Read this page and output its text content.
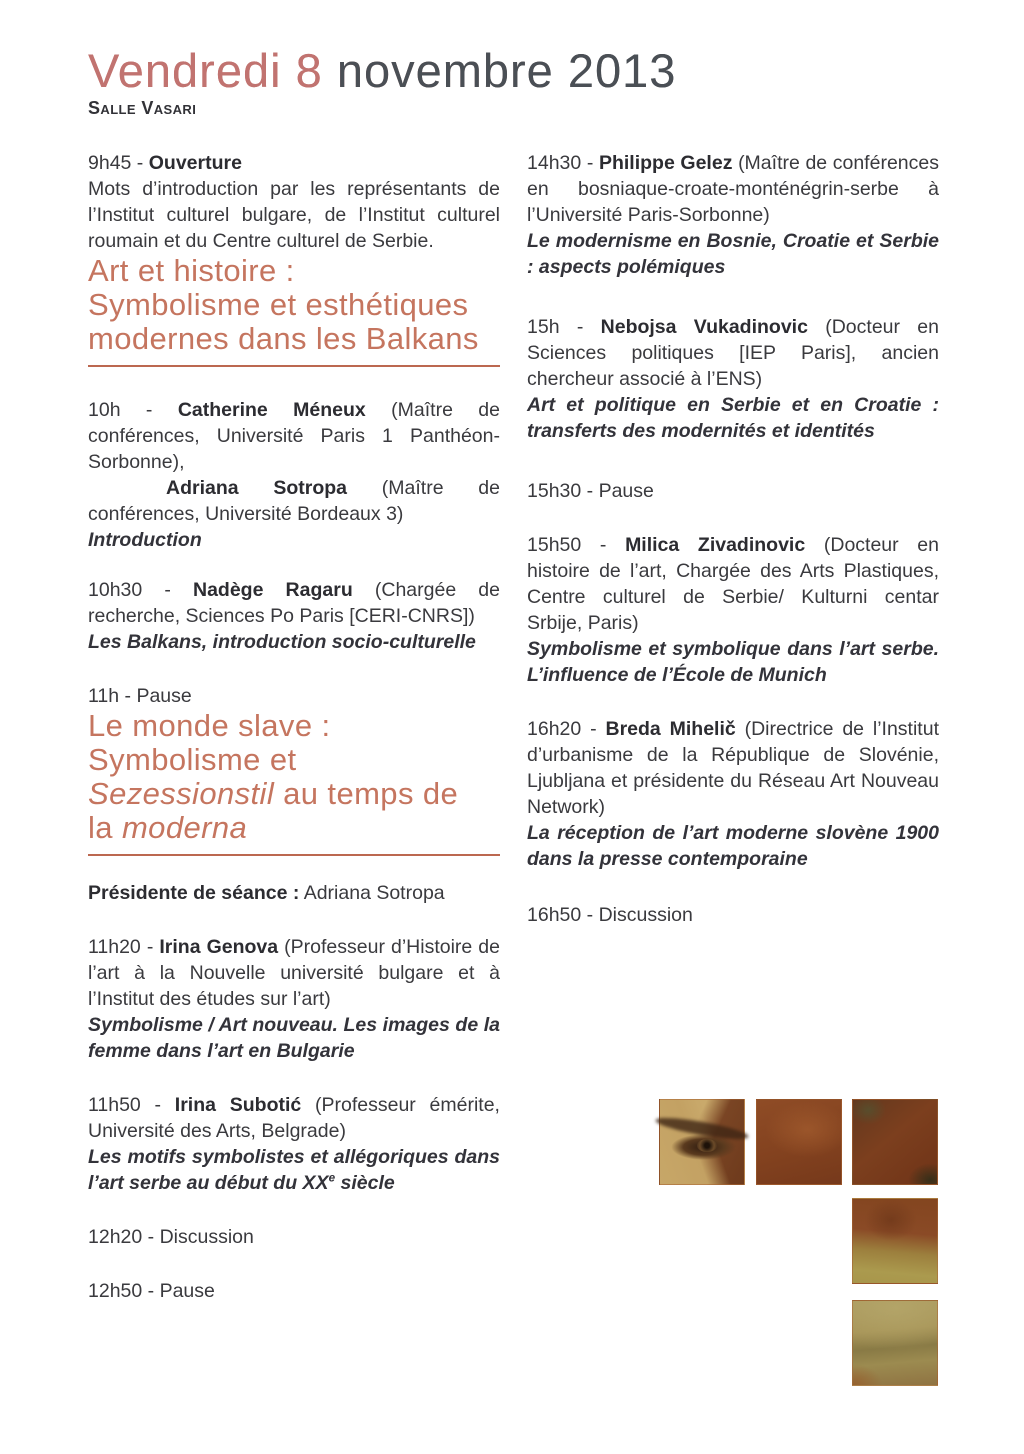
Vendredi 8 novembre 2013
Salle Vasari

9h45 - Ouverture

Mots d’introduction par les représentants de l’Institut culturel bulgare, de l’Institut culturel roumain et du Centre culturel de Serbie.

Art et histoire :
Symbolisme et esthétiques
modernes dans les Balkans

10h - Catherine Méneux (Maître de conférences, Université Paris 1 Panthéon-Sorbonne),

Adriana Sotropa (Maître de conférences, Université Bordeaux 3)

Introduction

10h30 - Nadège Ragaru (Chargée de recherche, Sciences Po Paris [CERI-CNRS])

Les Balkans, introduction socio-culturelle

11h - Pause

Le monde slave :
Symbolisme et
Sezessionstil au temps de
la moderna

Présidente de séance : Adriana Sotropa

11h20 - Irina Genova (Professeur d’Histoire de l’art à la Nouvelle université bulgare et à l’Institut des études sur l’art)

Symbolisme / Art nouveau. Les images de la femme dans l’art en Bulgarie

11h50 - Irina Subotić (Professeur émérite, Université des Arts, Belgrade)

Les motifs symbolistes et allégoriques dans l’art serbe au début du XXe siècle

12h20 - Discussion

12h50 - Pause

14h30 - Philippe Gelez (Maître de conférences en bosniaque-croate-monténégrin-serbe à l’Université Paris-Sorbonne)

Le modernisme en Bosnie, Croatie et Serbie : aspects polémiques

15h - Nebojsa Vukadinovic (Docteur en Sciences politiques [IEP Paris], ancien chercheur associé à l’ENS)

Art et politique en Serbie et en Croatie : transferts des modernités et identités

15h30 - Pause

15h50 - Milica Zivadinovic (Docteur en histoire de l’art, Chargée des Arts Plastiques, Centre culturel de Serbie/ Kulturni centar Srbije, Paris)

Symbolisme et symbolique dans l’art serbe. L’influence de l’École de Munich

16h20 - Breda Mihelič (Directrice de l’Institut d’urbanisme de la République de Slovénie, Ljubljana et présidente du Réseau Art Nouveau Network)

La réception de l’art moderne slovène 1900 dans la presse contemporaine

16h50 - Discussion
